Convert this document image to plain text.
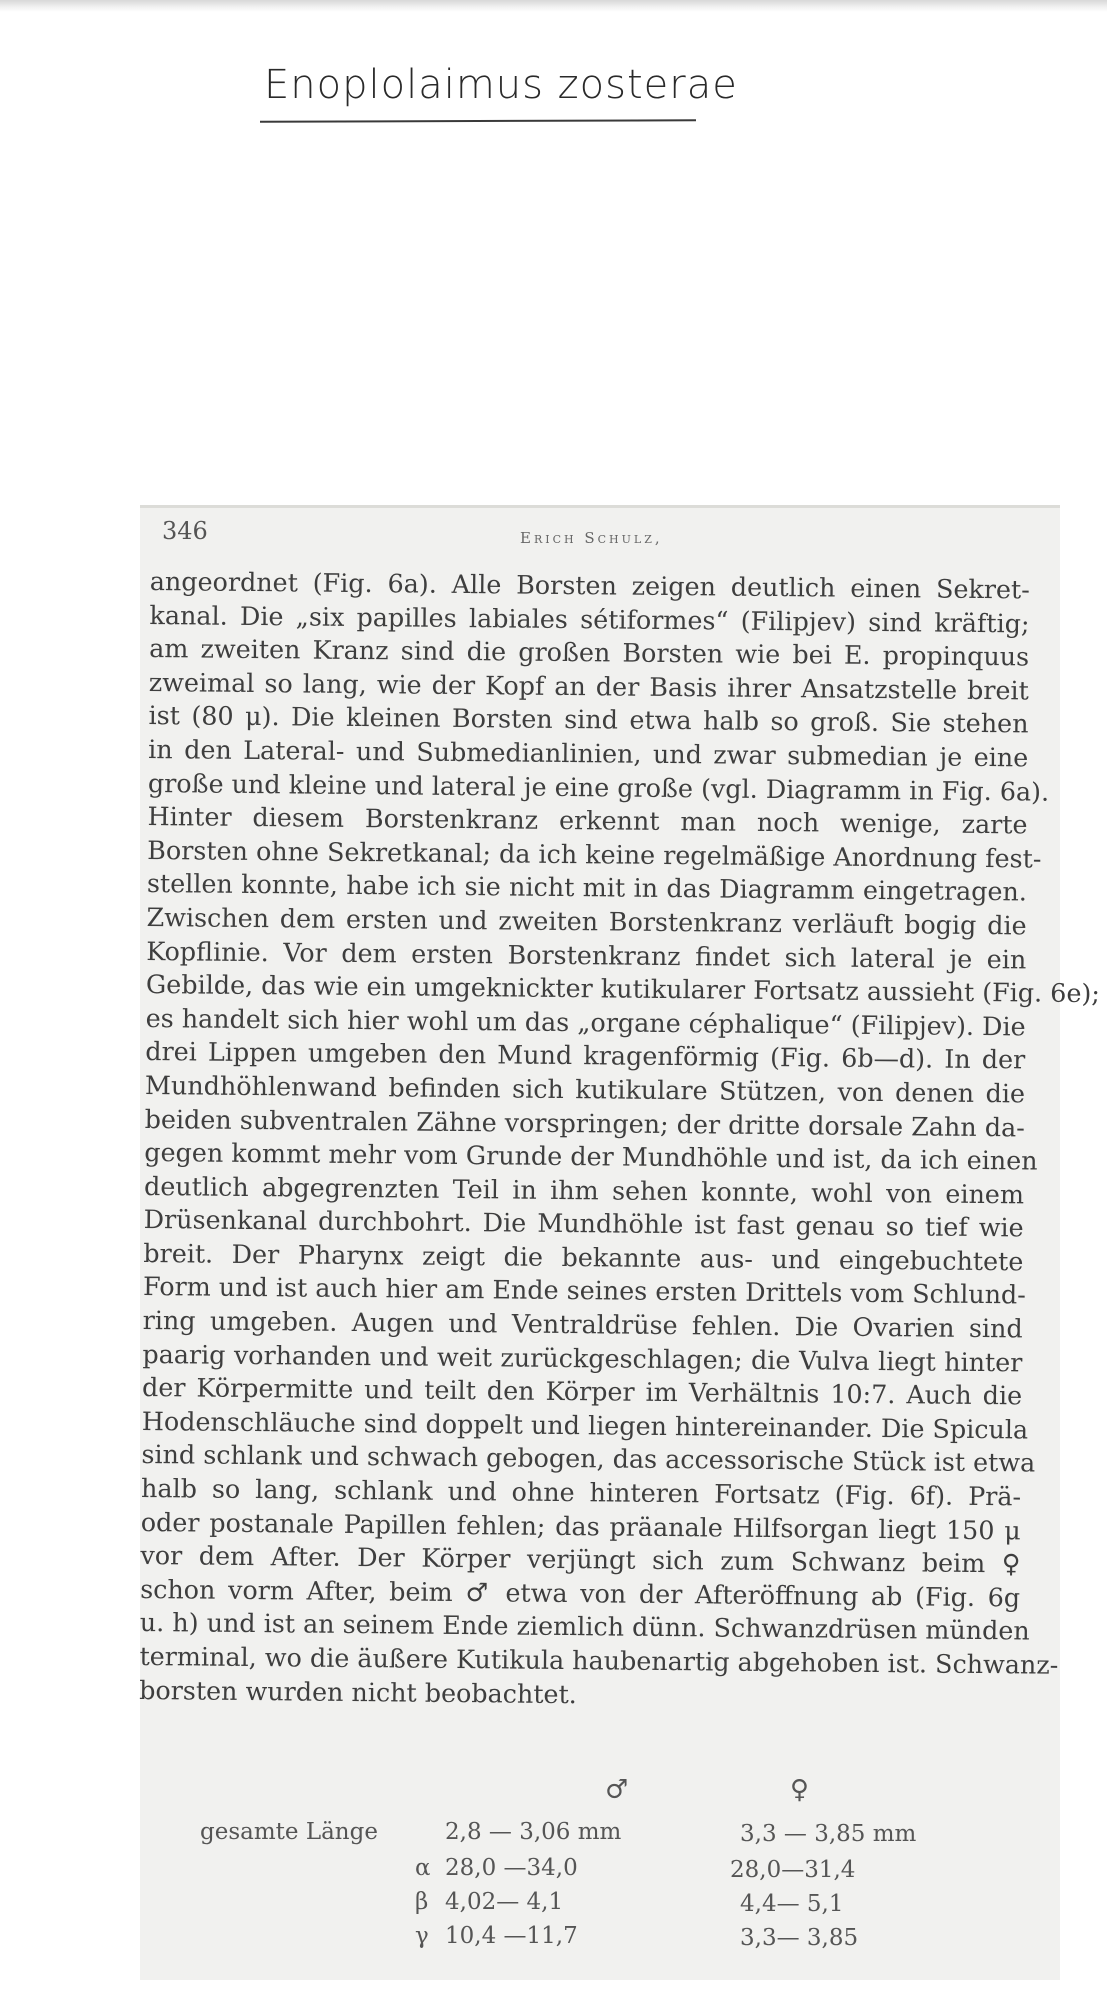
Enoplolaimus zosterae
346	Erich Schulz,
angeordnet (Fig. 6a). Alle Borsten zeigen deutlich einen Sekret-
kanal. Die „six papilles labiales sétiformes“ (Filipjev) sind kräftig;
am zweiten Kranz sind die großen Borsten wie bei E. propinquus
zweimal so lang, wie der Kopf an der Basis ihrer Ansatzstelle breit
ist (80 μ). Die kleinen Borsten sind etwa halb so groß. Sie stehen
in den Lateral- und Submedianlinien, und zwar submedian je eine
große und kleine und lateral je eine große (vgl. Diagramm in Fig. 6a).
Hinter diesem Borstenkranz erkennt man noch wenige, zarte
Borsten ohne Sekretkanal; da ich keine regelmäßige Anordnung fest-
stellen konnte, habe ich sie nicht mit in das Diagramm eingetragen.
Zwischen dem ersten und zweiten Borstenkranz verläuft bogig die
Kopflinie. Vor dem ersten Borstenkranz findet sich lateral je ein
Gebilde, das wie ein umgeknickter kutikularer Fortsatz aussieht (Fig. 6e);
es handelt sich hier wohl um das „organe céphalique“ (Filipjev). Die
drei Lippen umgeben den Mund kragenförmig (Fig. 6b—d). In der
Mundhöhlenwand befinden sich kutikulare Stützen, von denen die
beiden subventralen Zähne vorspringen; der dritte dorsale Zahn da-
gegen kommt mehr vom Grunde der Mundhöhle und ist, da ich einen
deutlich abgegrenzten Teil in ihm sehen konnte, wohl von einem
Drüsenkanal durchbohrt. Die Mundhöhle ist fast genau so tief wie
breit. Der Pharynx zeigt die bekannte aus- und eingebuchtete
Form und ist auch hier am Ende seines ersten Drittels vom Schlund-
ring umgeben. Augen und Ventraldrüse fehlen. Die Ovarien sind
paarig vorhanden und weit zurückgeschlagen; die Vulva liegt hinter
der Körpermitte und teilt den Körper im Verhältnis 10:7. Auch die
Hodenschläuche sind doppelt und liegen hintereinander. Die Spicula
sind schlank und schwach gebogen, das accessorische Stück ist etwa
halb so lang, schlank und ohne hinteren Fortsatz (Fig. 6f). Prä-
oder postanale Papillen fehlen; das präanale Hilfsorgan liegt 150 μ
vor dem After. Der Körper verjüngt sich zum Schwanz beim ♀
schon vorm After, beim ♂ etwa von der Afteröffnung ab (Fig. 6g
u. h) und ist an seinem Ende ziemlich dünn. Schwanzdrüsen münden
terminal, wo die äußere Kutikula haubenartig abgehoben ist. Schwanz-
borsten wurden nicht beobachtet.
♂	♀
gesamte Länge	2,8 — 3,06 mm	3,3 — 3,85 mm
α 28,0 —34,0	28,0—31,4
β 4,02— 4,1	4,4— 5,1
γ 10,4 —11,7	3,3— 3,85
